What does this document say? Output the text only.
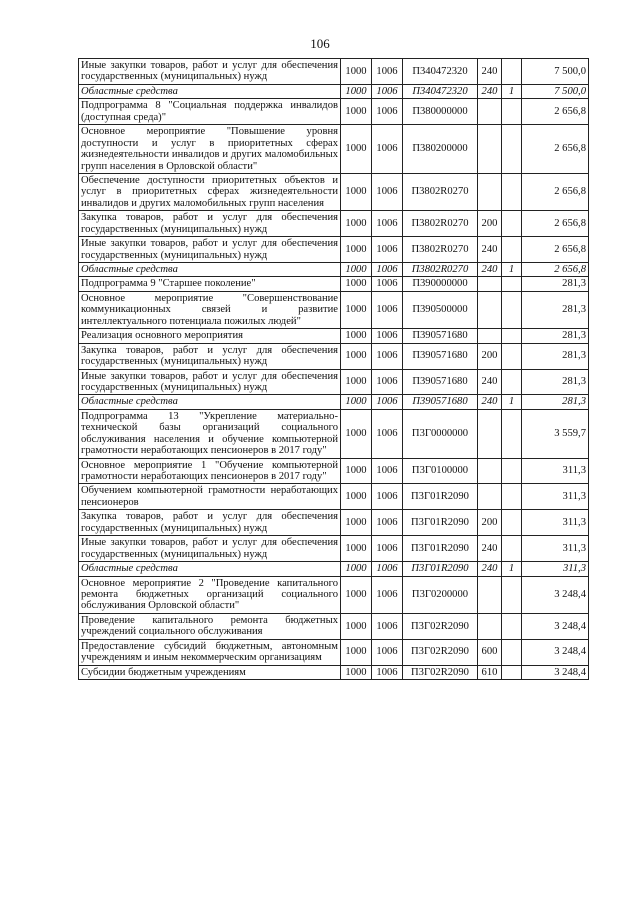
106
Иные закупки товаров, работ и услуг для обеспечения государственных (муниципальных) нужд	1000	1006	П340472320	240		7 500,0
Областные средства	1000	1006	П340472320	240	1	7 500,0
Подпрограмма 8 "Социальная поддержка инвалидов (доступная среда)"	1000	1006	П380000000			2 656,8
Основное мероприятие "Повышение уровня доступности и услуг в приоритетных сферах жизнедеятельности инвалидов и других маломобильных групп населения в Орловской области"	1000	1006	П380200000			2 656,8
Обеспечение доступности приоритетных объектов и услуг в приоритетных сферах жизнедеятельности инвалидов и других маломобильных групп населения	1000	1006	П3802R0270			2 656,8
Закупка товаров, работ и услуг для обеспечения государственных (муниципальных) нужд	1000	1006	П3802R0270	200		2 656,8
Иные закупки товаров, работ и услуг для обеспечения государственных (муниципальных) нужд	1000	1006	П3802R0270	240		2 656,8
Областные средства	1000	1006	П3802R0270	240	1	2 656,8
Подпрограмма 9 "Старшее поколение"	1000	1006	П390000000			281,3
Основное мероприятие "Совершенствование коммуникационных связей и развитие интеллектуального потенциала пожилых людей"	1000	1006	П390500000			281,3
Реализация основного мероприятия	1000	1006	П390571680			281,3
Закупка товаров, работ и услуг для обеспечения государственных (муниципальных) нужд	1000	1006	П390571680	200		281,3
Иные закупки товаров, работ и услуг для обеспечения государственных (муниципальных) нужд	1000	1006	П390571680	240		281,3
Областные средства	1000	1006	П390571680	240	1	281,3
Подпрограмма 13 "Укрепление материально-технической базы организаций социального обслуживания населения и обучение компьютерной грамотности неработающих пенсионеров в 2017 году"	1000	1006	П3Г0000000			3 559,7
Основное мероприятие 1 "Обучение компьютерной грамотности неработающих пенсионеров в 2017 году"	1000	1006	П3Г0100000			311,3
Обучением компьютерной грамотности неработающих пенсионеров	1000	1006	П3Г01R2090			311,3
Закупка товаров, работ и услуг для обеспечения государственных (муниципальных) нужд	1000	1006	П3Г01R2090	200		311,3
Иные закупки товаров, работ и услуг для обеспечения государственных (муниципальных) нужд	1000	1006	П3Г01R2090	240		311,3
Областные средства	1000	1006	П3Г01R2090	240	1	311,3
Основное мероприятие 2 "Проведение капитального ремонта бюджетных организаций социального обслуживания Орловской области"	1000	1006	П3Г0200000			3 248,4
Проведение капитального ремонта бюджетных учреждений социального обслуживания	1000	1006	П3Г02R2090			3 248,4
Предоставление субсидий бюджетным, автономным учреждениям и иным некоммерческим организациям	1000	1006	П3Г02R2090	600		3 248,4
Субсидии бюджетным учреждениям	1000	1006	П3Г02R2090	610		3 248,4
